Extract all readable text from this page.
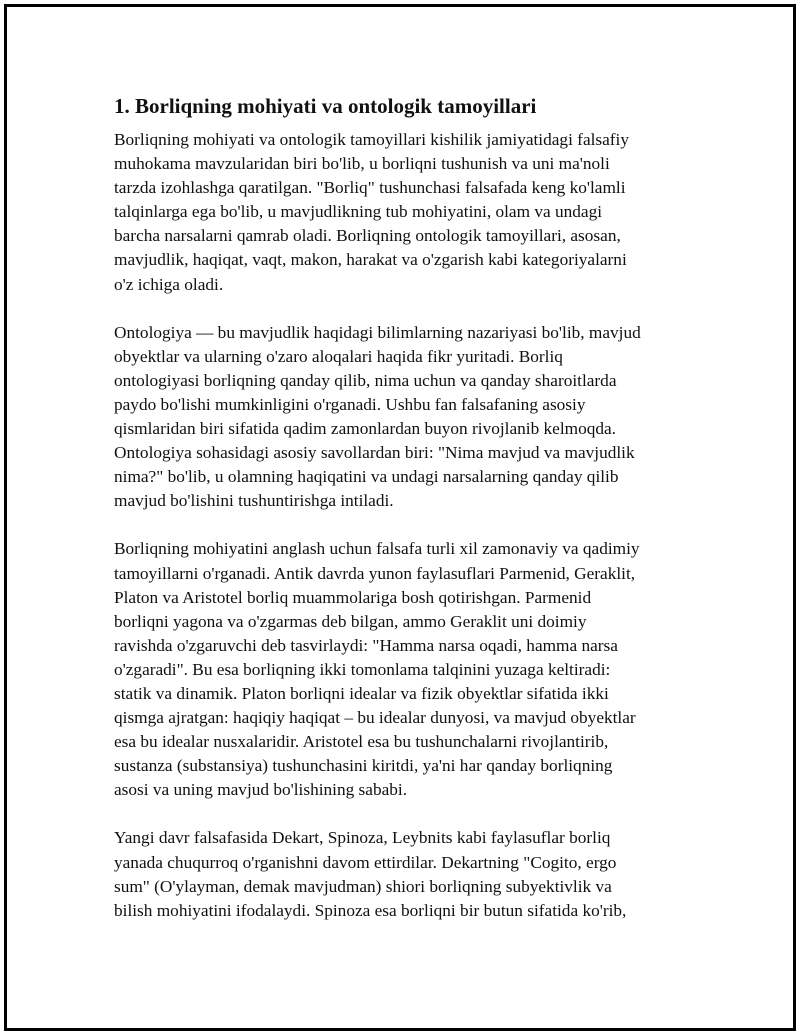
1. Borliqning mohiyati va ontologik tamoyillari
Borliqning mohiyati va ontologik tamoyillari kishilik jamiyatidagi falsafiy
muhokama mavzularidan biri bo'lib, u borliqni tushunish va uni ma'noli
tarzda izohlashga qaratilgan. "Borliq" tushunchasi falsafada keng ko'lamli
talqinlarga ega bo'lib, u mavjudlikning tub mohiyatini, olam va undagi
barcha narsalarni qamrab oladi. Borliqning ontologik tamoyillari, asosan,
mavjudlik, haqiqat, vaqt, makon, harakat va o'zgarish kabi kategoriyalarni
o'z ichiga oladi.
Ontologiya — bu mavjudlik haqidagi bilimlarning nazariyasi bo'lib, mavjud
obyektlar va ularning o'zaro aloqalari haqida fikr yuritadi. Borliq
ontologiyasi borliqning qanday qilib, nima uchun va qanday sharoitlarda
paydo bo'lishi mumkinligini o'rganadi. Ushbu fan falsafaning asosiy
qismlaridan biri sifatida qadim zamonlardan buyon rivojlanib kelmoqda.
Ontologiya sohasidagi asosiy savollardan biri: "Nima mavjud va mavjudlik
nima?" bo'lib, u olamning haqiqatini va undagi narsalarning qanday qilib
mavjud bo'lishini tushuntirishga intiladi.
Borliqning mohiyatini anglash uchun falsafa turli xil zamonaviy va qadimiy
tamoyillarni o'rganadi. Antik davrda yunon faylasuflari Parmenid, Geraklit,
Platon va Aristotel borliq muammolariga bosh qotirishgan. Parmenid
borliqni yagona va o'zgarmas deb bilgan, ammo Geraklit uni doimiy
ravishda o'zgaruvchi deb tasvirlaydi: "Hamma narsa oqadi, hamma narsa
o'zgaradi". Bu esa borliqning ikki tomonlama talqinini yuzaga keltiradi:
statik va dinamik. Platon borliqni idealar va fizik obyektlar sifatida ikki
qismga ajratgan: haqiqiy haqiqat – bu idealar dunyosi, va mavjud obyektlar
esa bu idealar nusxalaridir. Aristotel esa bu tushunchalarni rivojlantirib,
sustanza (substansiya) tushunchasini kiritdi, ya'ni har qanday borliqning
asosi va uning mavjud bo'lishining sababi.
Yangi davr falsafasida Dekart, Spinoza, Leybnits kabi faylasuflar borliq
yanada chuqurroq o'rganishni davom ettirdilar. Dekartning "Cogito, ergo
sum" (O'ylayman, demak mavjudman) shiori borliqning subyektivlik va
bilish mohiyatini ifodalaydi. Spinoza esa borliqni bir butun sifatida ko'rib,
